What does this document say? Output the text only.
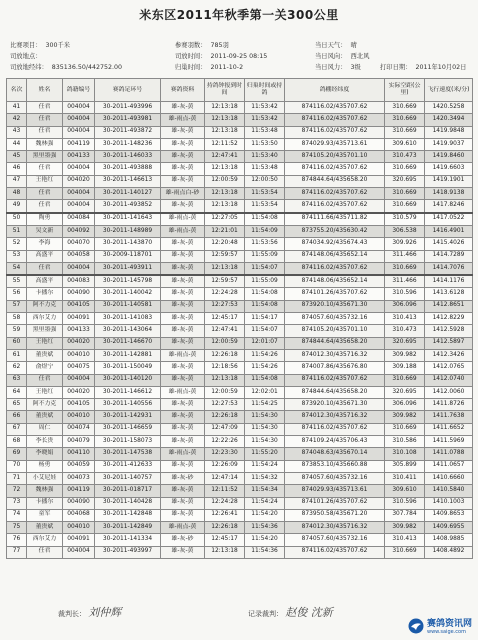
米东区2011年秋季第一关300公里
比赛项目： 300千米	参赛羽数： 785羽	当日天气： 晴
司放地点：	司放时间： 2011-09-25 08:15	当日风向： 西北风
司放地经纬： 835136.50/442752.00	归巢时间： 2011-10-2	当日风力： 3级	打印日期： 2011年10月02日
名次	姓名	鸽籍编号	赛鸽足环号	赛鸽资料	持鸽钟报到时间	归巢时间或持鸽	鸽棚经纬度	实际空距(公里)	飞行速度(米/分)
41	任君	004004	30-2011-493996	雄-灰-黄	12:13:18	11:53:42	874116.02/435707.62	310.669	1420.5258
42	任君	004004	30-2011-493981	雄-雨点-黄	12:13:18	11:53:42	874116.02/435707.62	310.669	1420.3494
43	任君	004004	30-2011-493872	雄-灰-黄	12:13:18	11:53:48	874116.02/435707.62	310.669	1419.9848
44	魏林强	004119	30-2011-148236	雄-灰-黄	12:11:52	11:53:50	874029.93/435713.61	309.610	1419.9037
45	黑里墨强	004133	30-2011-146033	雄-灰-黄	12:47:41	11:53:40	874105.20/435701.10	310.473	1419.8460
46	任君	004004	30-2011-493888	雄-灰-黄	12:13:18	11:53:48	874116.02/435707.62	310.669	1419.6603
47	王艳红	004020	30-2011-146613	雄-灰-黄	12:00:59	12:00:50	874844.64/435658.20	320.695	1419.1901
48	任君	004004	30-2011-140127	雄-雨点白-砂	12:13:18	11:53:54	874116.02/435707.62	310.669	1418.9138
49	任君	004004	30-2011-493852	雄-灰-黄	12:13:18	11:53:54	874116.02/435707.62	310.669	1417.8246
50	陶勇	004084	30-2011-141643	雄-雨点-黄	12:27:05	11:54:08	874111.66/435711.82	310.579	1417.0522
51	吴文新	004092	30-2011-148989	雄-雨点-黄	12:21:01	11:54:09	873755.20/435630.42	306.538	1416.4901
52	李海	004070	30-2011-143870	雄-灰-黄	12:20:48	11:53:56	874034.92/435674.43	309.926	1415.4026
53	高盛平	004058	30-2009-118701	雄-灰-黄	12:59:57	11:55:09	874148.06/435652.14	311.466	1414.7289
54	任君	004004	30-2011-493911	雄-灰-黄	12:13:18	11:54:07	874116.02/435707.62	310.669	1414.7076
55	高盛平	004083	30-2011-145798	雄-灰-黄	12:59:57	11:55:09	874148.06/435652.14	311.466	1414.1176
56	卡播尔	004090	30-2011-140042	雄-灰-黄	12:24:28	11:54:08	874101.26/435707.62	310.596	1413.6128
57	阿不力克	004105	30-2011-140581	雄-灰-黄	12:27:53	11:54:08	873920.10/435671.30	306.096	1412.8651
58	西尔艾力	004091	30-2011-141083	雄-灰-黄	12:45:17	11:54:17	874057.60/435732.16	310.413	1412.8229
59	黑里墨强	004133	30-2011-143064	雄-灰-黄	12:47:41	11:54:07	874105.20/435701.10	310.473	1412.5928
60	王艳红	004020	30-2011-146670	雄-灰-黄	12:00:59	12:01:07	874844.64/435658.20	320.695	1412.5897
61	董贵斌	004010	30-2011-142881	雄-雨点-黄	12:26:18	11:54:26	874012.30/435716.32	309.982	1412.3426
62	俞煜宁	004075	30-2011-150049	雄-灰-黄	12:18:56	11:54:26	874007.86/435676.80	309.188	1412.0765
63	任君	004004	30-2011-140120	雄-灰-黄	12:13:18	11:54:08	874116.02/435707.62	310.669	1412.0740
64	王艳红	004020	30-2011-146612	雄-雨点-黄	12:00:59	12:02:01	874844.64/435658.20	320.695	1412.0060
65	阿不力克	004105	30-2011-140556	雄-灰-黄	12:27:53	11:54:25	873920.10/435671.30	306.096	1411.8726
66	董贵斌	004010	30-2011-142931	雄-灰-黄	12:26:18	11:54:30	874012.30/435716.32	309.982	1411.7638
67	周仁	004074	30-2011-146659	雄-灰-黄	12:47:09	11:54:30	874116.02/435707.62	310.669	1411.6652
68	李长贵	004079	30-2011-158073	雄-灰-黄	12:22:26	11:54:30	874109.24/435706.43	310.586	1411.5969
69	李晓娟	004110	30-2011-147538	雄-雨点-黄	12:23:30	11:55:20	874048.63/435670.14	310.108	1411.0788
70	杨勇	004059	30-2011-412633	雄-灰-黄	12:26:09	11:54:24	873853.10/435660.88	305.899	1411.0657
71	小艾尼娃	004073	30-2011-140757	雄-灰-砂	12:47:14	11:54:32	874057.60/435732.16	310.411	1410.6660
72	魏林强	004119	30-2011-018717	雄-灰-黄	12:11:52	11:54:34	874029.93/435713.61	309.610	1410.5840
73	卡播尔	004090	30-2011-140428	雄-灰-黄	12:24:28	11:54:24	874101.26/435707.62	310.596	1410.1003
74	童军	004068	30-2011-142848	雄-灰-黄	12:26:41	11:54:20	873950.58/435671.20	307.784	1409.8653
75	董贵斌	004010	30-2011-142849	雄-雨点-黄	12:26:18	11:54:36	874012.30/435716.32	309.982	1409.6955
76	西尔艾力	004091	30-2011-141334	雄-灰-砂	12:45:17	11:54:20	874057.60/435732.16	310.413	1408.9885
77	任君	004004	30-2011-493997	雄-灰-黄	12:13:18	11:54:36	874116.02/435707.62	310.669	1408.4892
裁判长： 刘仲辉	记录裁判： 赵俊 沈新
赛鸽资讯网
www.saige.com
